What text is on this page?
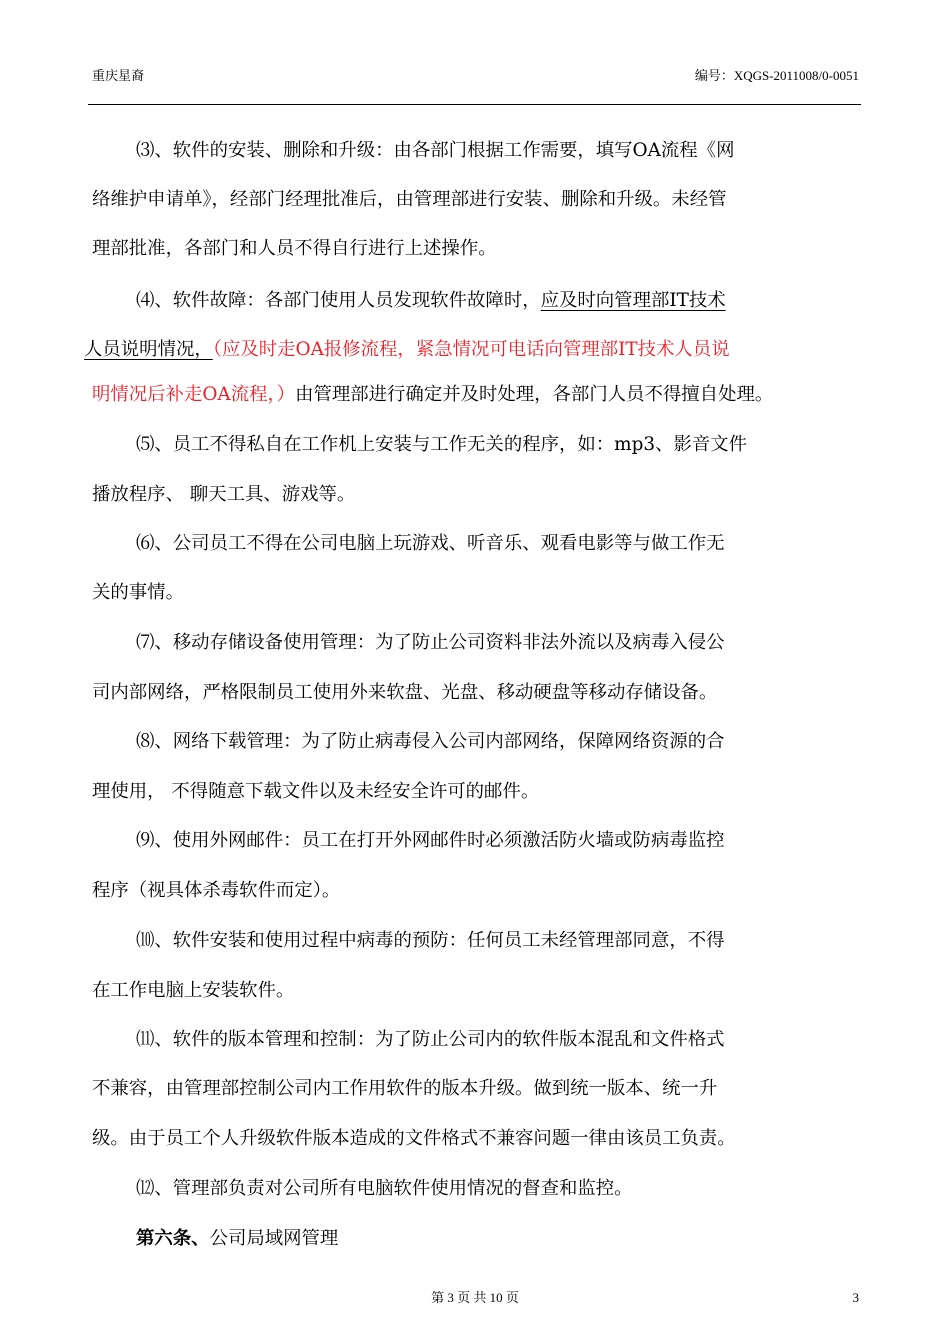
重庆星裔	编号：XQGS-2011008/0-0051
⑶、软件的安装、删除和升级：由各部门根据工作需要，填写OA流程《网
络维护申请单》，经部门经理批准后，由管理部进行安装、删除和升级。未经管
理部批准，各部门和人员不得自行进行上述操作。
⑷、软件故障：各部门使用人员发现软件故障时，应及时向管理部IT技术
人员说明情况，（应及时走OA报修流程，紧急情况可电话向管理部IT技术人员说
明情况后补走OA流程，）由管理部进行确定并及时处理，各部门人员不得擅自处理。
⑸、员工不得私自在工作机上安装与工作无关的程序，如：mp3、影音文件
播放程序、 聊天工具、游戏等。
⑹、公司员工不得在公司电脑上玩游戏、听音乐、观看电影等与做工作无
关的事情。
⑺、移动存储设备使用管理：为了防止公司资料非法外流以及病毒入侵公
司内部网络，严格限制员工使用外来软盘、光盘、移动硬盘等移动存储设备。
⑻、网络下载管理：为了防止病毒侵入公司内部网络，保障网络资源的合
理使用， 不得随意下载文件以及未经安全许可的邮件。
⑼、使用外网邮件：员工在打开外网邮件时必须激活防火墙或防病毒监控
程序（视具体杀毒软件而定）。
⑽、软件安装和使用过程中病毒的预防：任何员工未经管理部同意，不得
在工作电脑上安装软件。
⑾、软件的版本管理和控制：为了防止公司内的软件版本混乱和文件格式
不兼容，由管理部控制公司内工作用软件的版本升级。做到统一版本、统一升
级。由于员工个人升级软件版本造成的文件格式不兼容问题一律由该员工负责。
⑿、管理部负责对公司所有电脑软件使用情况的督查和监控。
第六条、公司局域网管理
第 3 页 共 10 页	3
